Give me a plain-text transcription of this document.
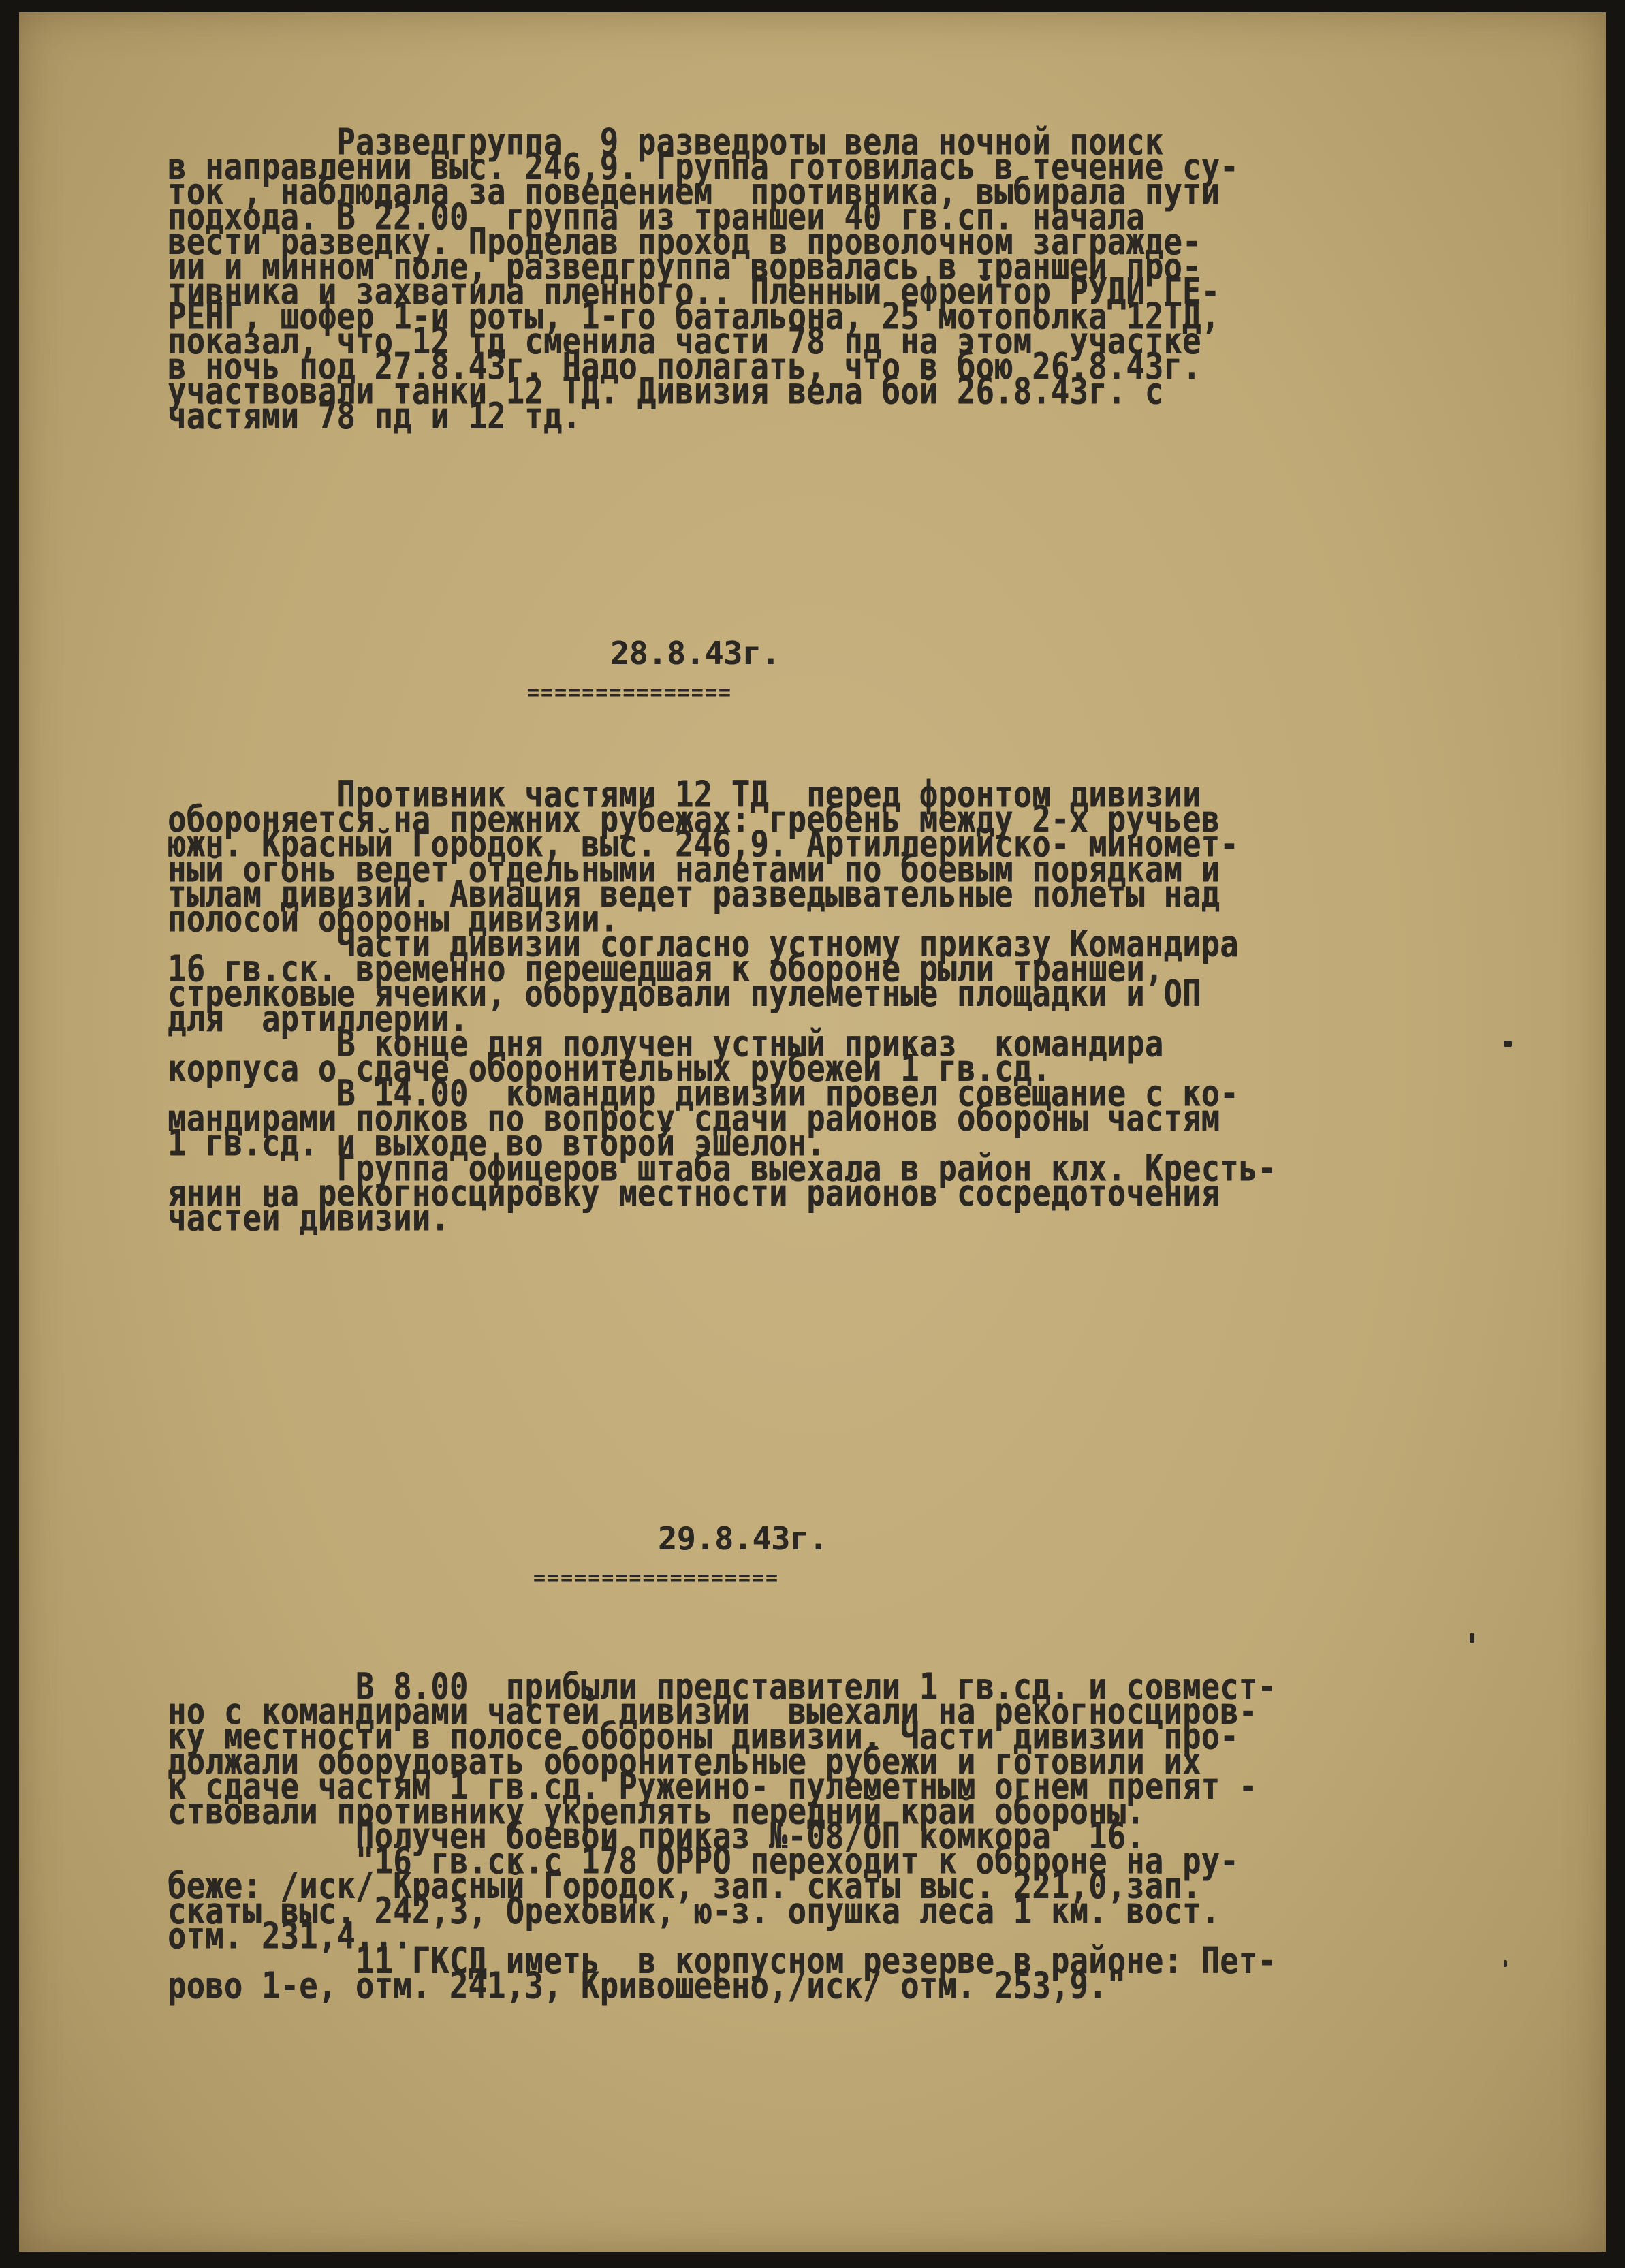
Разведгруппа  9 разведроты вела ночной поиск
в направлении выс. 246,9. Группа готовилась в течение су-
ток , наблюдала за поведением  противника, выбирала пути
подхода. В 22.00  группа из траншеи 40 гв.сп. начала
вести разведку. Проделав проход в проволочном загражде-
ии и минном поле, разведгруппа ворвалась в траншеи про-
тивника и захватила пленного.. Пленный ефрейтор РУДИ ГЕ-
РЕНГ, шофер 1-й роты, 1-го батальона, 25 мотополка 12ТД,
показал, что 12 тд сменила части 78 пд на этом  участке
в ночь под 27.8.43г. Надо полагать, что в бою 26.8.43г.
участвовали танки 12 ТД. Дивизия вела бой 26.8.43г. с
частями 78 пд и 12 тд.
28.8.43г.
===============
Противник частями 12 ТД  перед фронтом дивизии
обороняется на прежних рубежах: гребень между 2-х ручьев
южн. Красный Городок, выс. 246,9. Артиллерийско- миномет-
ный огонь ведет отдельными налетами по боевым порядкам и
тылам дивизии. Авиация ведет разведывательные полеты над
полосой обороны дивизии.
Части дивизии согласно устному приказу Командира
16 гв.ск. временно перешедшая к обороне рыли траншеи,
стрелковые ячейки, оборудовали пулеметные площадки и ОП
для  артиллерии.
В конце дня получен устный приказ  командира
корпуса о сдаче оборонительных рубежей 1 гв.сд.
В 14.00  командир дивизии провел совещание с ко-
мандирами полков по вопросу сдачи районов обороны частям
1 гв.сд. и выходе во второй эшелон.
Группа офицеров штаба выехала в район клх. Кресть-
янин на рекогносцировку местности районов сосредоточения
частей дивизии.
29.8.43г.
==================
В 8.00  прибыли представители 1 гв.сд. и совмест-
но с командирами частей дивизии  выехали на рекогносциров-
ку местности в полосе обороны дивизии. Части дивизии про-
должали оборудовать оборонительные рубежи и готовили их
к сдаче частям 1 гв.сд. Ружейно- пулеметным огнем препят -
ствовали противнику укреплять передний край обороны.
Получен боевой приказ №-08/ОП комкора  16.
"16 гв.ск.с 178 ОРРО переходит к обороне на ру-
беже: /иск/ Красный Городок, зап. скаты выс. 221,0,зап.
скаты выс. 242,3, Ореховик, ю-з. опушка леса 1 км. вост.
отм. 231,4...
11 ГКСД иметь  в корпусном резерве в районе: Пет-
рово 1-е, отм. 241,3, Кривошеено,/иск/ отм. 253,9."
